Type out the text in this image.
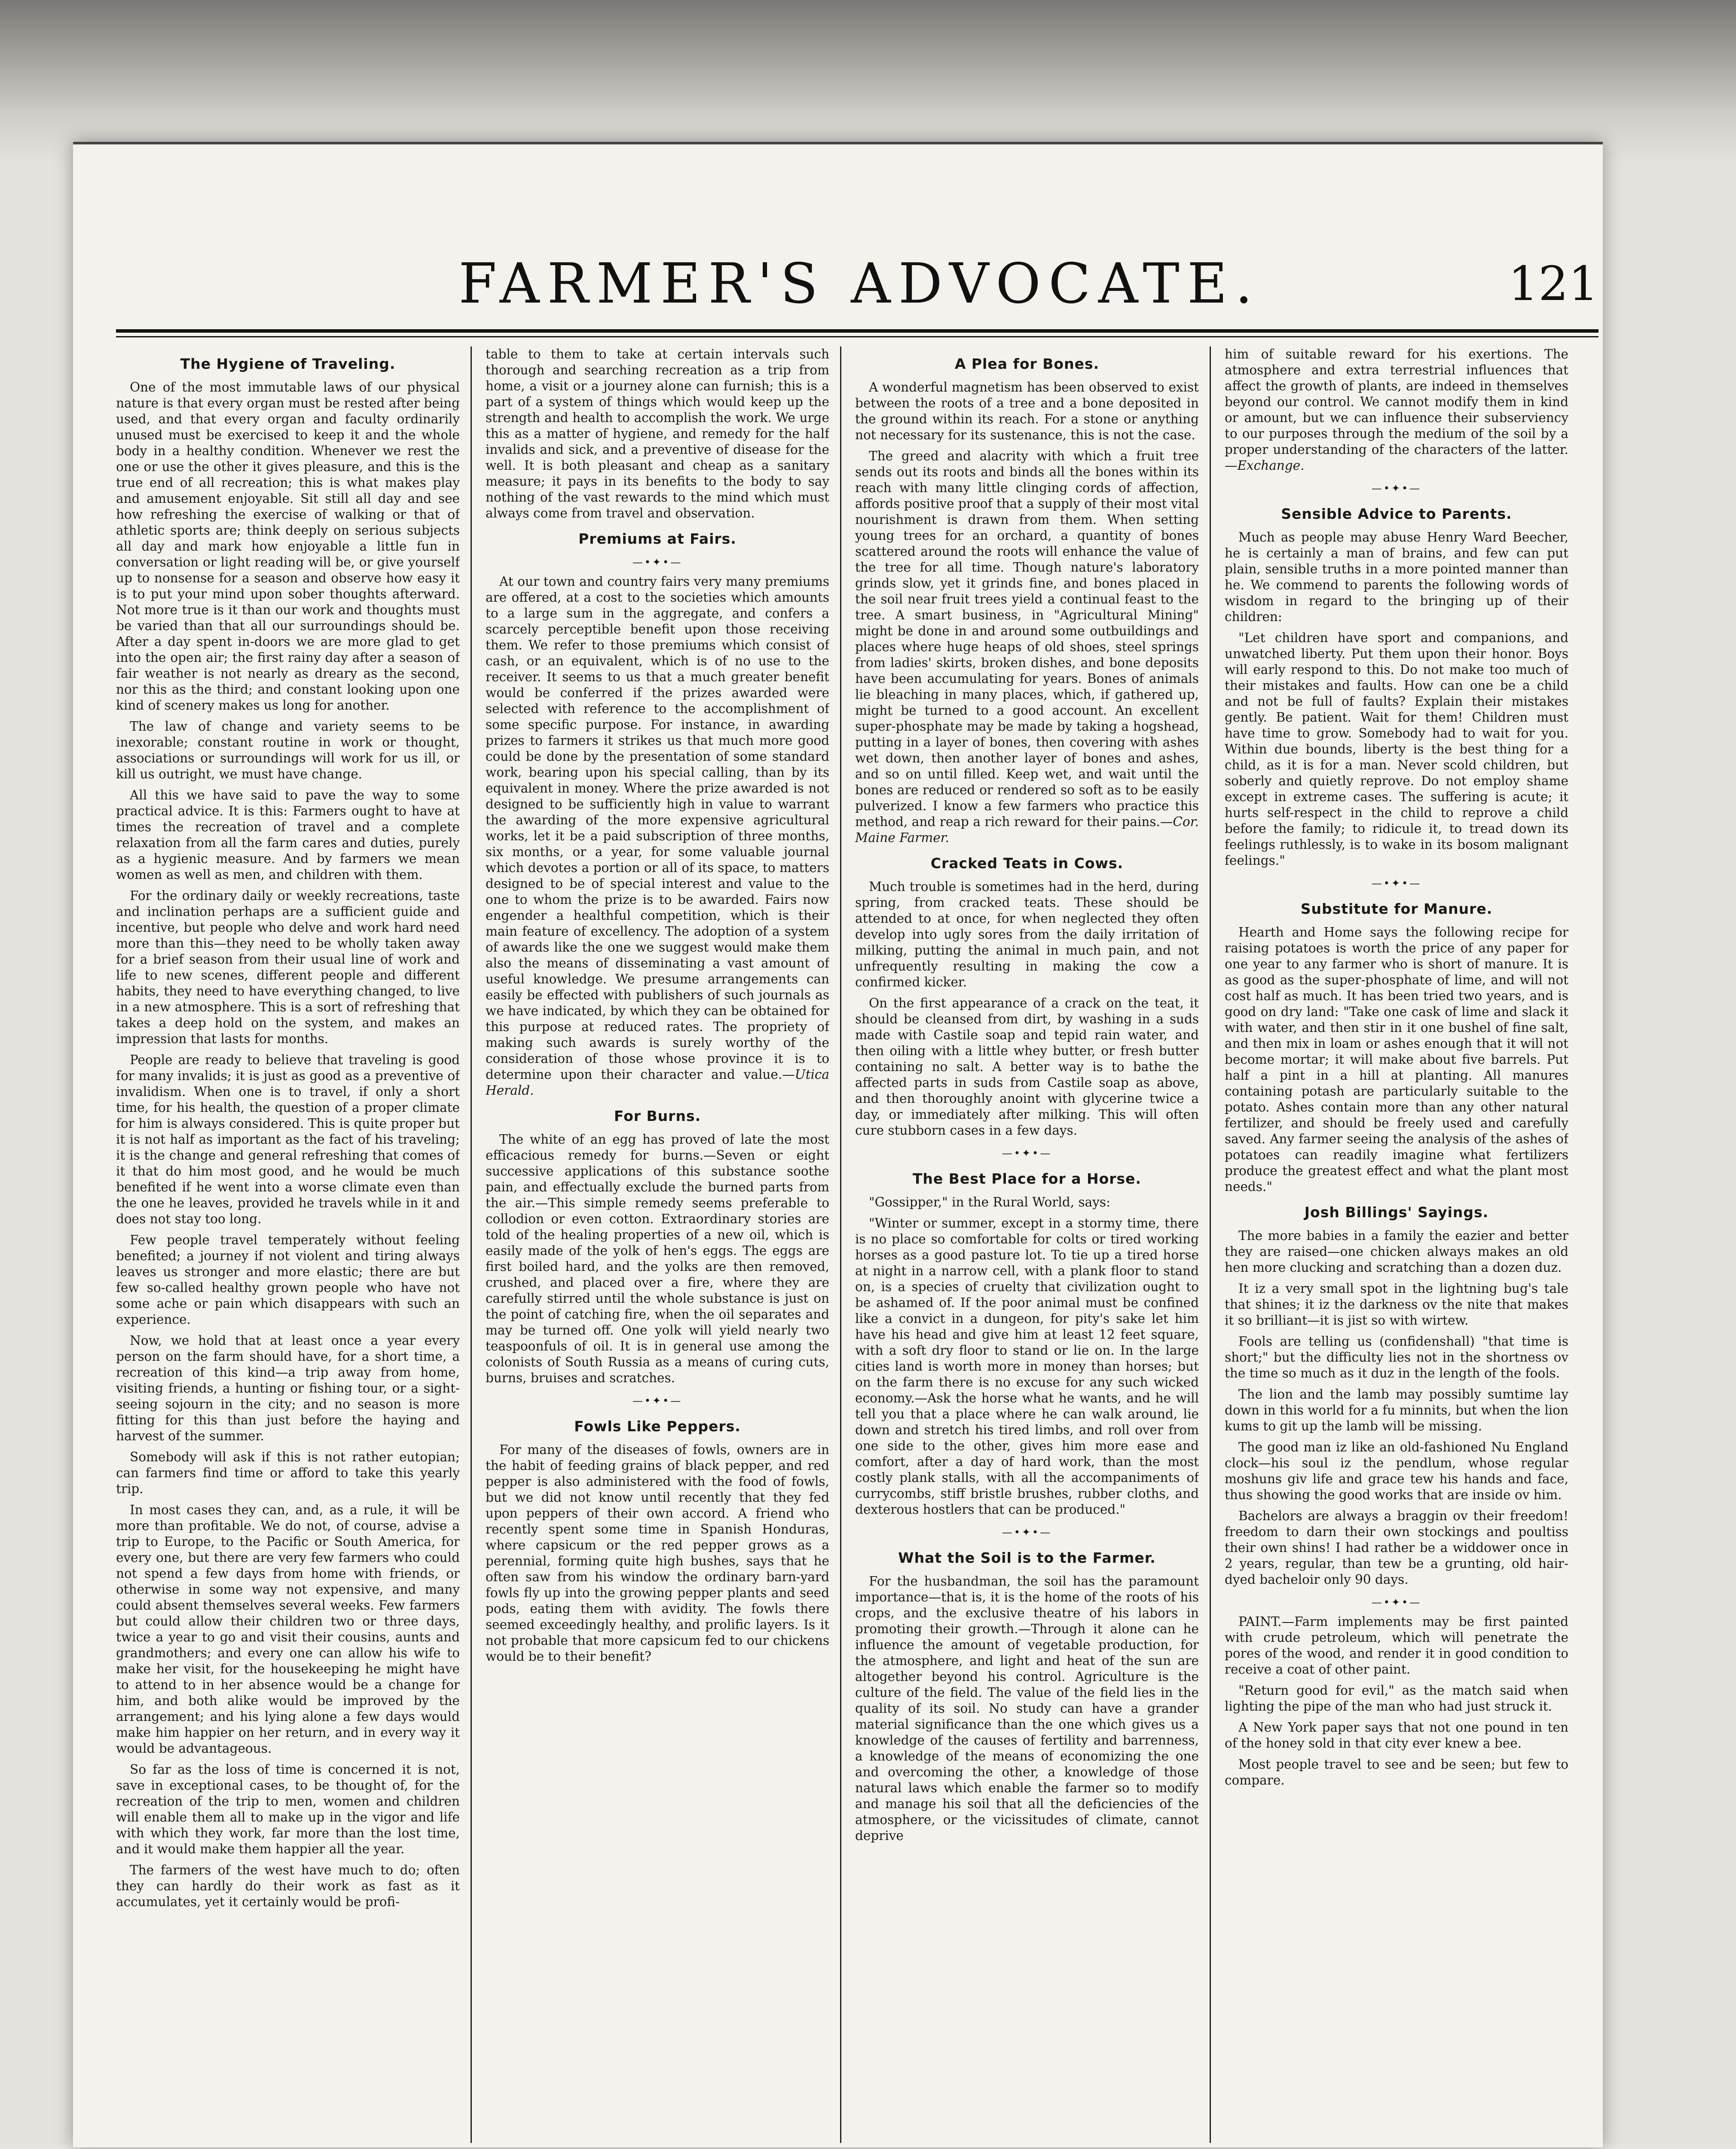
FARMER'S ADVOCATE.	121
The Hygiene of Traveling.

One of the most immutable laws of our physical nature is that every organ must be rested after being used, and that every organ and faculty ordinarily unused must be exercised to keep it and the whole body in a healthy condition. Whenever we rest the one or use the other it gives pleasure, and this is the true end of all recreation; this is what makes play and amusement enjoyable. Sit still all day and see how refreshing the exercise of walking or that of athletic sports are; think deeply on serious subjects all day and mark how enjoyable a little fun in conversation or light reading will be, or give yourself up to nonsense for a season and observe how easy it is to put your mind upon sober thoughts afterward. Not more true is it than our work and thoughts must be varied than that all our surroundings should be. After a day spent in-doors we are more glad to get into the open air; the first rainy day after a season of fair weather is not nearly as dreary as the second, nor this as the third; and constant looking upon one kind of scenery makes us long for another.

The law of change and variety seems to be inexorable; constant routine in work or thought, associations or surroundings will work for us ill, or kill us outright, we must have change.

All this we have said to pave the way to some practical advice. It is this: Farmers ought to have at times the recreation of travel and a complete relaxation from all the farm cares and duties, purely as a hygienic measure. And by farmers we mean women as well as men, and children with them.

For the ordinary daily or weekly recreations, taste and inclination perhaps are a sufficient guide and incentive, but people who delve and work hard need more than this—they need to be wholly taken away for a brief season from their usual line of work and life to new scenes, different people and different habits, they need to have everything changed, to live in a new atmosphere. This is a sort of refreshing that takes a deep hold on the system, and makes an impression that lasts for months.

People are ready to believe that traveling is good for many invalids; it is just as good as a preventive of invalidism. When one is to travel, if only a short time, for his health, the question of a proper climate for him is always considered. This is quite proper but it is not half as important as the fact of his traveling; it is the change and general refreshing that comes of it that do him most good, and he would be much benefited if he went into a worse climate even than the one he leaves, provided he travels while in it and does not stay too long.

Few people travel temperately without feeling benefited; a journey if not violent and tiring always leaves us stronger and more elastic; there are but few so-called healthy grown people who have not some ache or pain which disappears with such an experience.

Now, we hold that at least once a year every person on the farm should have, for a short time, a recreation of this kind—a trip away from home, visiting friends, a hunting or fishing tour, or a sight-seeing sojourn in the city; and no season is more fitting for this than just before the haying and harvest of the summer.

Somebody will ask if this is not rather eutopian; can farmers find time or afford to take this yearly trip.

In most cases they can, and, as a rule, it will be more than profitable. We do not, of course, advise a trip to Europe, to the Pacific or South America, for every one, but there are very few farmers who could not spend a few days from home with friends, or otherwise in some way not expensive, and many could absent themselves several weeks. Few farmers but could allow their children two or three days, twice a year to go and visit their cousins, aunts and grandmothers; and every one can allow his wife to make her visit, for the housekeeping he might have to attend to in her absence would be a change for him, and both alike would be improved by the arrangement; and his lying alone a few days would make him happier on her return, and in every way it would be advantageous.

So far as the loss of time is concerned it is not, save in exceptional cases, to be thought of, for the recreation of the trip to men, women and children will enable them all to make up in the vigor and life with which they work, far more than the lost time, and it would make them happier all the year.

The farmers of the west have much to do; often they can hardly do their work as fast as it accumulates, yet it certainly would be profi-

table to them to take at certain intervals such thorough and searching recreation as a trip from home, a visit or a journey alone can furnish; this is a part of a system of things which would keep up the strength and health to accomplish the work. We urge this as a matter of hygiene, and remedy for the half invalids and sick, and a preventive of disease for the well. It is both pleasant and cheap as a sanitary measure; it pays in its benefits to the body to say nothing of the vast rewards to the mind which must always come from travel and observation.

Premiums at Fairs.
—•✦•—

At our town and country fairs very many premiums are offered, at a cost to the societies which amounts to a large sum in the aggregate, and confers a scarcely perceptible benefit upon those receiving them. We refer to those premiums which consist of cash, or an equivalent, which is of no use to the receiver. It seems to us that a much greater benefit would be conferred if the prizes awarded were selected with reference to the accomplishment of some specific purpose. For instance, in awarding prizes to farmers it strikes us that much more good could be done by the presentation of some standard work, bearing upon his special calling, than by its equivalent in money. Where the prize awarded is not designed to be sufficiently high in value to warrant the awarding of the more expensive agricultural works, let it be a paid subscription of three months, six months, or a year, for some valuable journal which devotes a portion or all of its space, to matters designed to be of special interest and value to the one to whom the prize is to be awarded. Fairs now engender a healthful competition, which is their main feature of excellency. The adoption of a system of awards like the one we suggest would make them also the means of disseminating a vast amount of useful knowledge. We presume arrangements can easily be effected with publishers of such journals as we have indicated, by which they can be obtained for this purpose at reduced rates. The propriety of making such awards is surely worthy of the consideration of those whose province it is to determine upon their character and value.—Utica Herald.

For Burns.

The white of an egg has proved of late the most efficacious remedy for burns.—Seven or eight successive applications of this substance soothe pain, and effectually exclude the burned parts from the air.—This simple remedy seems preferable to collodion or even cotton. Extraordinary stories are told of the healing properties of a new oil, which is easily made of the yolk of hen's eggs. The eggs are first boiled hard, and the yolks are then removed, crushed, and placed over a fire, where they are carefully stirred until the whole substance is just on the point of catching fire, when the oil separates and may be turned off. One yolk will yield nearly two teaspoonfuls of oil. It is in general use among the colonists of South Russia as a means of curing cuts, burns, bruises and scratches.

—•✦•—
Fowls Like Peppers.

For many of the diseases of fowls, owners are in the habit of feeding grains of black pepper, and red pepper is also administered with the food of fowls, but we did not know until recently that they fed upon peppers of their own accord. A friend who recently spent some time in Spanish Honduras, where capsicum or the red pepper grows as a perennial, forming quite high bushes, says that he often saw from his window the ordinary barn-yard fowls fly up into the growing pepper plants and seed pods, eating them with avidity. The fowls there seemed exceedingly healthy, and prolific layers. Is it not probable that more capsicum fed to our chickens would be to their benefit?

A Plea for Bones.

A wonderful magnetism has been observed to exist between the roots of a tree and a bone deposited in the ground within its reach. For a stone or anything not necessary for its sustenance, this is not the case.

The greed and alacrity with which a fruit tree sends out its roots and binds all the bones within its reach with many little clinging cords of affection, affords positive proof that a supply of their most vital nourishment is drawn from them. When setting young trees for an orchard, a quantity of bones scattered around the roots will enhance the value of the tree for all time. Though nature's laboratory grinds slow, yet it grinds fine, and bones placed in the soil near fruit trees yield a continual feast to the tree. A smart business, in "Agricultural Mining" might be done in and around some outbuildings and places where huge heaps of old shoes, steel springs from ladies' skirts, broken dishes, and bone deposits have been accumulating for years. Bones of animals lie bleaching in many places, which, if gathered up, might be turned to a good account. An excellent super-phosphate may be made by taking a hogshead, putting in a layer of bones, then covering with ashes wet down, then another layer of bones and ashes, and so on until filled. Keep wet, and wait until the bones are reduced or rendered so soft as to be easily pulverized. I know a few farmers who practice this method, and reap a rich reward for their pains.—Cor. Maine Farmer.

Cracked Teats in Cows.

Much trouble is sometimes had in the herd, during spring, from cracked teats. These should be attended to at once, for when neglected they often develop into ugly sores from the daily irritation of milking, putting the animal in much pain, and not unfrequently resulting in making the cow a confirmed kicker.

On the first appearance of a crack on the teat, it should be cleansed from dirt, by washing in a suds made with Castile soap and tepid rain water, and then oiling with a little whey butter, or fresh butter containing no salt. A better way is to bathe the affected parts in suds from Castile soap as above, and then thoroughly anoint with glycerine twice a day, or immediately after milking. This will often cure stubborn cases in a few days.

—•✦•—
The Best Place for a Horse.

"Gossipper," in the Rural World, says:

"Winter or summer, except in a stormy time, there is no place so comfortable for colts or tired working horses as a good pasture lot. To tie up a tired horse at night in a narrow cell, with a plank floor to stand on, is a species of cruelty that civilization ought to be ashamed of. If the poor animal must be confined like a convict in a dungeon, for pity's sake let him have his head and give him at least 12 feet square, with a soft dry floor to stand or lie on. In the large cities land is worth more in money than horses; but on the farm there is no excuse for any such wicked economy.—Ask the horse what he wants, and he will tell you that a place where he can walk around, lie down and stretch his tired limbs, and roll over from one side to the other, gives him more ease and comfort, after a day of hard work, than the most costly plank stalls, with all the accompaniments of currycombs, stiff bristle brushes, rubber cloths, and dexterous hostlers that can be produced."

—•✦•—
What the Soil is to the Farmer.

For the husbandman, the soil has the paramount importance—that is, it is the home of the roots of his crops, and the exclusive theatre of his labors in promoting their growth.—Through it alone can he influence the amount of vegetable production, for the atmosphere, and light and heat of the sun are altogether beyond his control. Agriculture is the culture of the field. The value of the field lies in the quality of its soil. No study can have a grander material significance than the one which gives us a knowledge of the causes of fertility and barrenness, a knowledge of the means of economizing the one and overcoming the other, a knowledge of those natural laws which enable the farmer so to modify and manage his soil that all the deficiencies of the atmosphere, or the vicissitudes of climate, cannot deprive

him of suitable reward for his exertions. The atmosphere and extra terrestrial influences that affect the growth of plants, are indeed in themselves beyond our control. We cannot modify them in kind or amount, but we can influence their subserviency to our purposes through the medium of the soil by a proper understanding of the characters of the latter.—Exchange.

—•✦•—
Sensible Advice to Parents.

Much as people may abuse Henry Ward Beecher, he is certainly a man of brains, and few can put plain, sensible truths in a more pointed manner than he. We commend to parents the following words of wisdom in regard to the bringing up of their children:

"Let children have sport and companions, and unwatched liberty. Put them upon their honor. Boys will early respond to this. Do not make too much of their mistakes and faults. How can one be a child and not be full of faults? Explain their mistakes gently. Be patient. Wait for them! Children must have time to grow. Somebody had to wait for you. Within due bounds, liberty is the best thing for a child, as it is for a man. Never scold children, but soberly and quietly reprove. Do not employ shame except in extreme cases. The suffering is acute; it hurts self-respect in the child to reprove a child before the family; to ridicule it, to tread down its feelings ruthlessly, is to wake in its bosom malignant feelings."

—•✦•—
Substitute for Manure.

Hearth and Home says the following recipe for raising potatoes is worth the price of any paper for one year to any farmer who is short of manure. It is as good as the super-phosphate of lime, and will not cost half as much. It has been tried two years, and is good on dry land: "Take one cask of lime and slack it with water, and then stir in it one bushel of fine salt, and then mix in loam or ashes enough that it will not become mortar; it will make about five barrels. Put half a pint in a hill at planting. All manures containing potash are particularly suitable to the potato. Ashes contain more than any other natural fertilizer, and should be freely used and carefully saved. Any farmer seeing the analysis of the ashes of potatoes can readily imagine what fertilizers produce the greatest effect and what the plant most needs."

Josh Billings' Sayings.

The more babies in a family the eazier and better they are raised—one chicken always makes an old hen more clucking and scratching than a dozen duz.

It iz a very small spot in the lightning bug's tale that shines; it iz the darkness ov the nite that makes it so brilliant—it is jist so with wirtew.

Fools are telling us (confidenshall) "that time is short;" but the difficulty lies not in the shortness ov the time so much as it duz in the length of the fools.

The lion and the lamb may possibly sumtime lay down in this world for a fu minnits, but when the lion kums to git up the lamb will be missing.

The good man iz like an old-fashioned Nu England clock—his soul iz the pendlum, whose regular moshuns giv life and grace tew his hands and face, thus showing the good works that are inside ov him.

Bachelors are always a braggin ov their freedom! freedom to darn their own stockings and poultiss their own shins! I had rather be a widdower once in 2 years, regular, than tew be a grunting, old hair-dyed bacheloir only 90 days.

—•✦•—

PAINT.—Farm implements may be first painted with crude petroleum, which will penetrate the pores of the wood, and render it in good condition to receive a coat of other paint.

"Return good for evil," as the match said when lighting the pipe of the man who had just struck it.

A New York paper says that not one pound in ten of the honey sold in that city ever knew a bee.

Most people travel to see and be seen; but few to compare.
